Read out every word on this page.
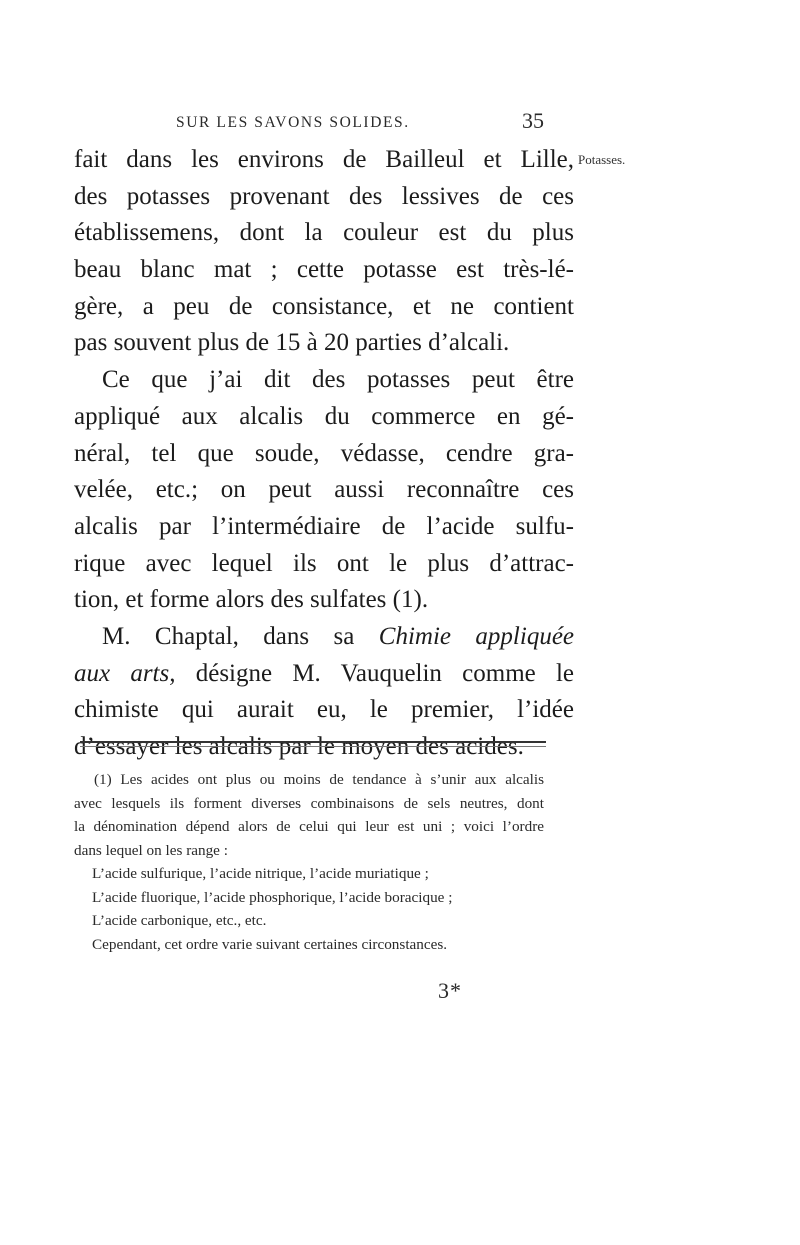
SUR LES SAVONS SOLIDES.	35
Potasses.
fait dans les environs de Bailleul et Lille,
des potasses provenant des lessives de ces
établissemens, dont la couleur est du plus
beau blanc mat ; cette potasse est très-lé-
gère, a peu de consistance, et ne contient
pas souvent plus de 15 à 20 parties d’alcali.
Ce que j’ai dit des potasses peut être
appliqué aux alcalis du commerce en gé-
néral, tel que soude, védasse, cendre gra-
velée, etc.; on peut aussi reconnaître ces
alcalis par l’intermédiaire de l’acide sulfu-
rique avec lequel ils ont le plus d’attrac-
tion, et forme alors des sulfates (1).
M. Chaptal, dans sa Chimie appliquée
aux arts, désigne M. Vauquelin comme le
chimiste qui aurait eu, le premier, l’idée
d’essayer les alcalis par le moyen des acides.
(1) Les acides ont plus ou moins de tendance à s’unir aux alcalis
avec lesquels ils forment diverses combinaisons de sels neutres, dont
la dénomination dépend alors de celui qui leur est uni ; voici l’ordre
dans lequel on les range :
L’acide sulfurique, l’acide nitrique, l’acide muriatique ;
L’acide fluorique, l’acide phosphorique, l’acide boracique ;
L’acide carbonique, etc., etc.
Cependant, cet ordre varie suivant certaines circonstances.
3*
